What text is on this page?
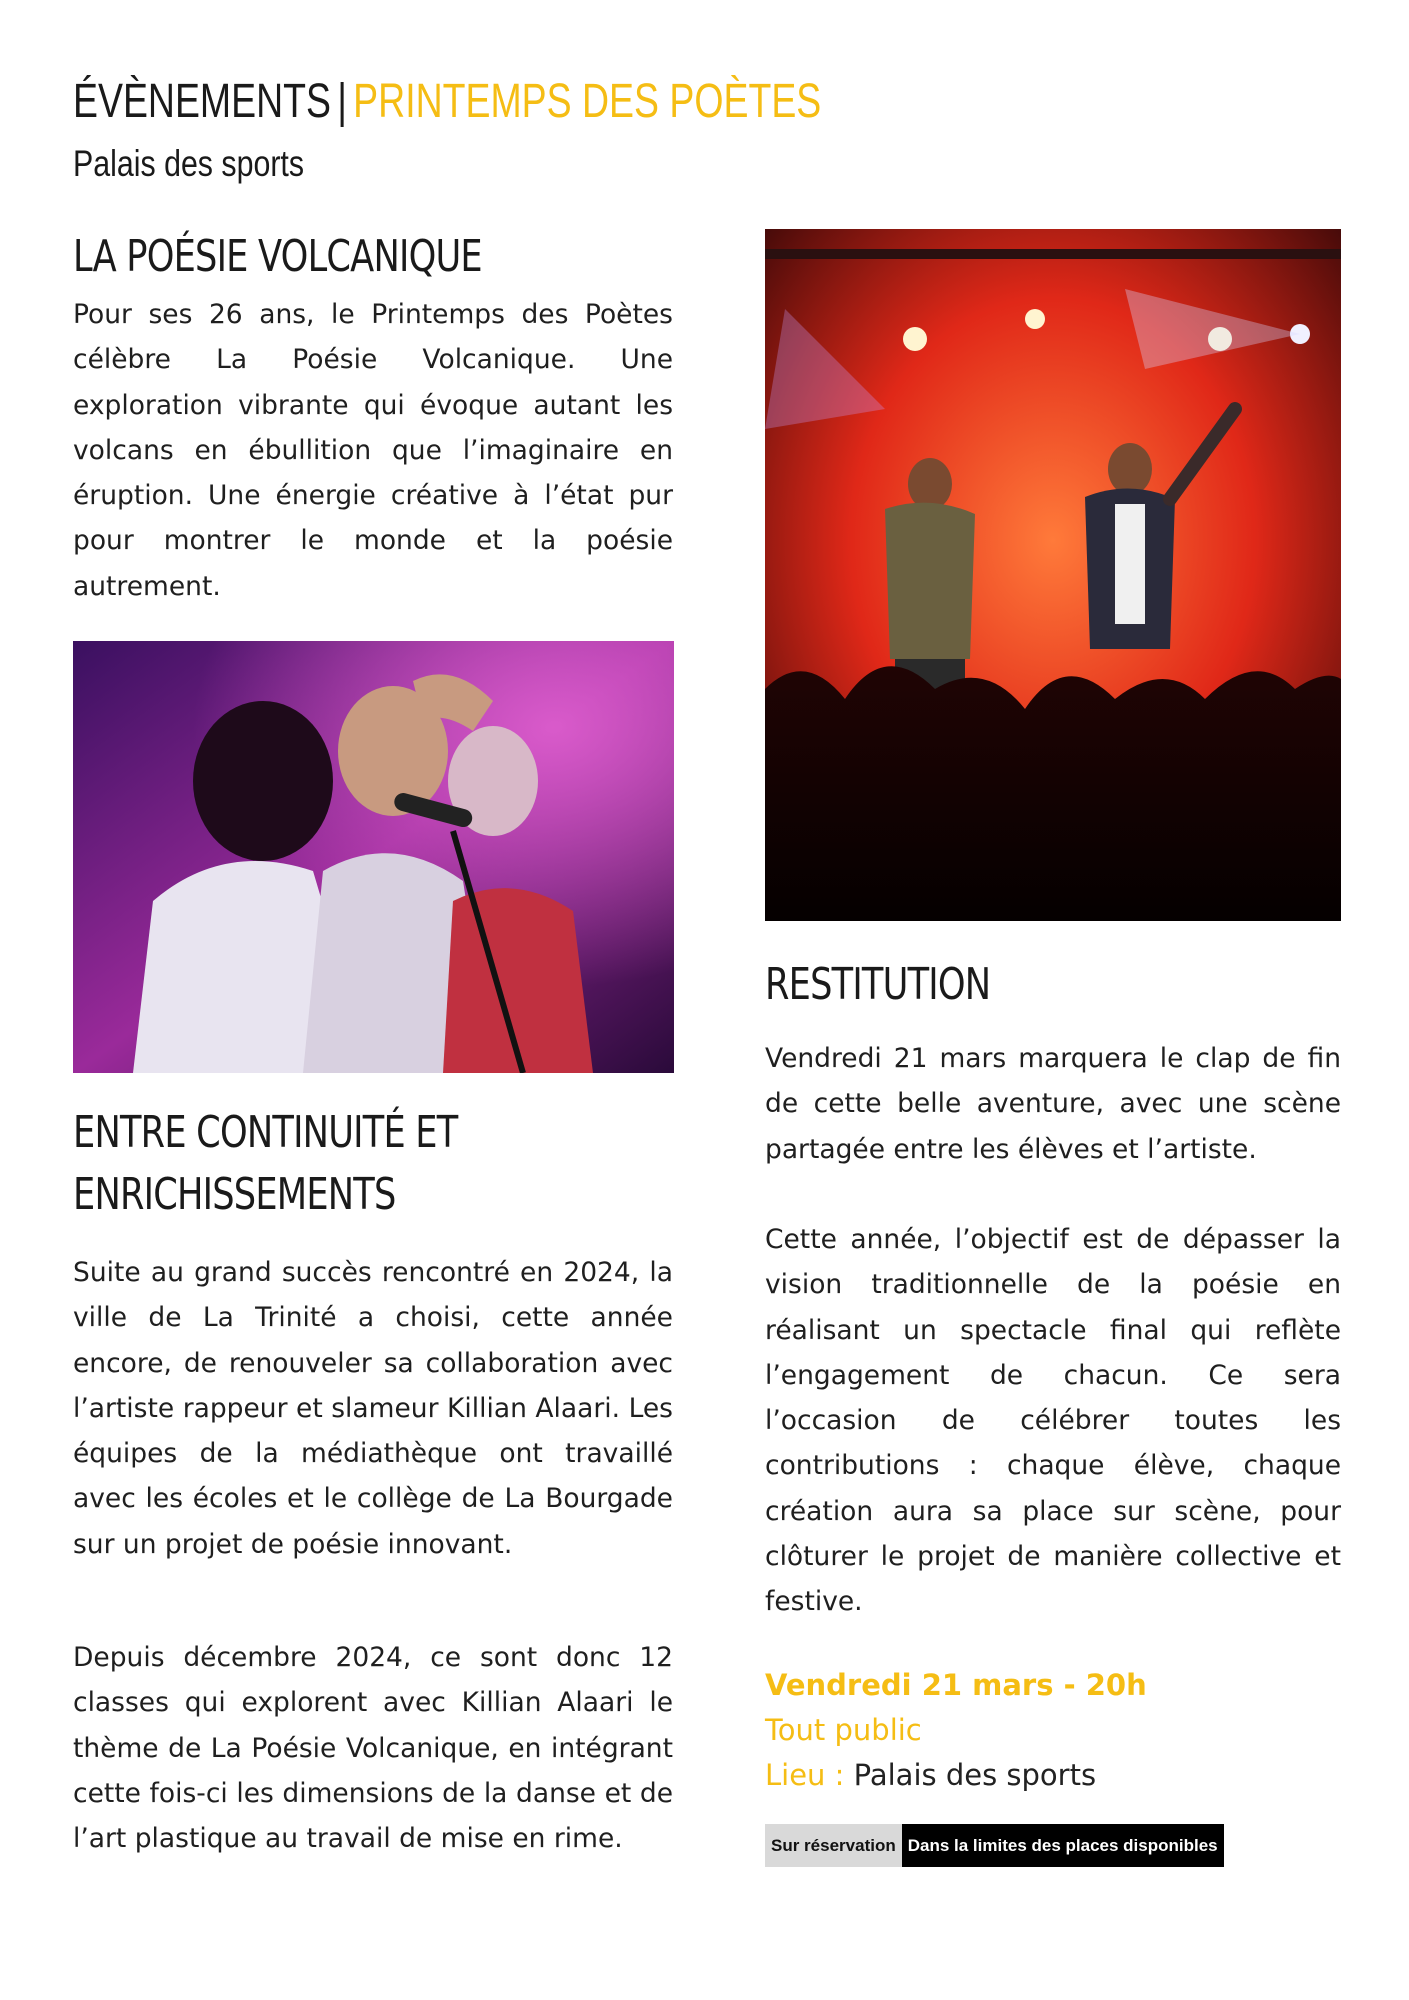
ÉVÈNEMENTS | PRINTEMPS DES POÈTES
Palais des sports
LA POÉSIE VOLCANIQUE

Pour ses 26 ans, le Printemps des Poètes célèbre La Poésie Volcanique. Une exploration vibrante qui évoque autant les volcans en ébullition que l’imaginaire en éruption. Une énergie créative à l’état pur pour montrer le monde et la poésie autrement.

ENTRE CONTINUITÉ ET
ENRICHISSEMENTS

Suite au grand succès rencontré en 2024, la ville de La Trinité a choisi, cette année encore, de renouveler sa collaboration avec l’artiste rappeur et slameur Killian Alaari. Les équipes de la médiathèque ont travaillé avec les écoles et le collège de La Bourgade sur un projet de poésie innovant.

Depuis décembre 2024, ce sont donc 12 classes qui explorent avec Killian Alaari le thème de La Poésie Volcanique, en intégrant cette fois-ci les dimensions de la danse et de l’art plastique au travail de mise en rime.

RESTITUTION

Vendredi 21 mars marquera le clap de fin de cette belle aventure, avec une scène partagée entre les élèves et l’artiste.

Cette année, l’objectif est de dépasser la vision traditionnelle de la poésie en réalisant un spectacle final qui reflète l’engagement de chacun. Ce sera l’occasion de célébrer toutes les contributions : chaque élève, chaque création aura sa place sur scène, pour clôturer le projet de manière collective et festive.

Vendredi 21 mars - 20h
Tout public
Lieu : Palais des sports
Sur réservation Dans la limites des places disponibles
